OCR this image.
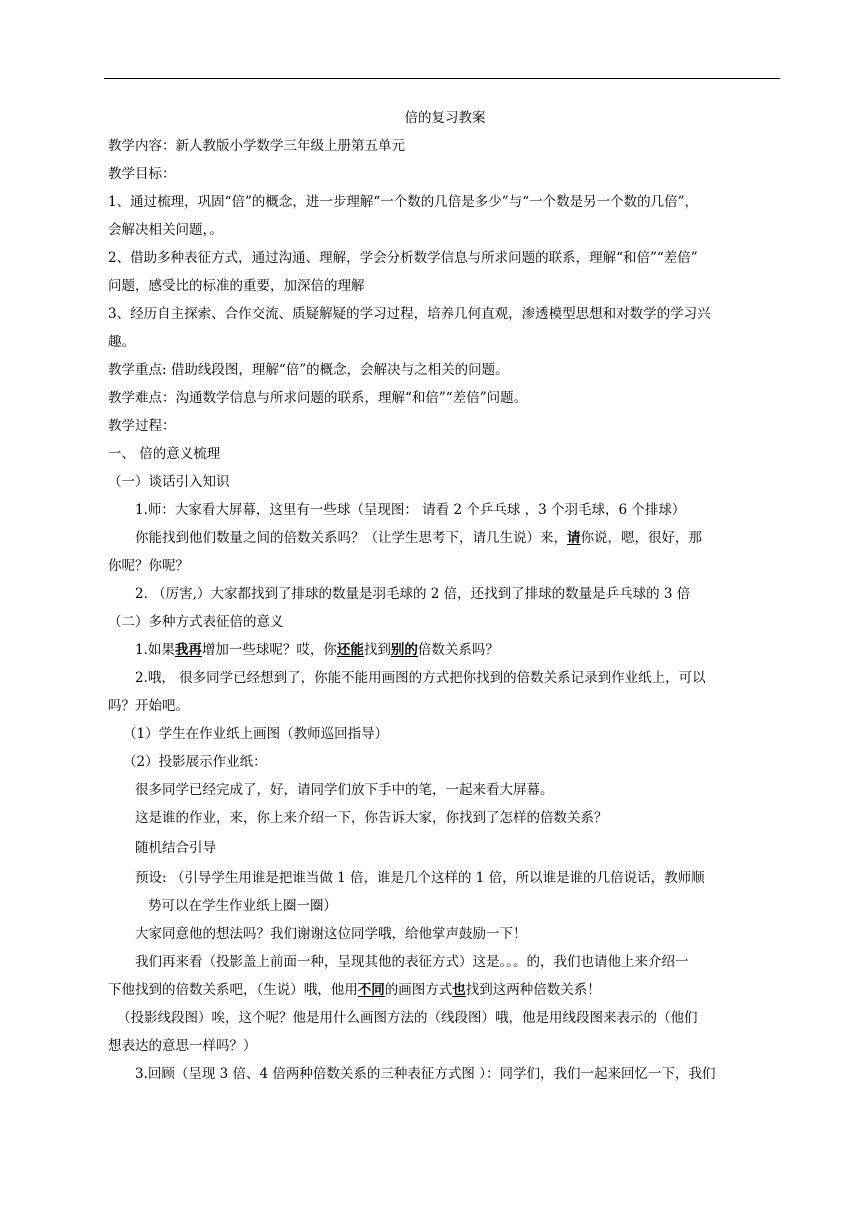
倍的复习教案
教学内容：新人教版小学数学三年级上册第五单元
教学目标：
1、通过梳理，巩固“倍”的概念，进一步理解“一个数的几倍是多少”与“一个数是另一个数的几倍”，
会解决相关问题，。
2、借助多种表征方式，通过沟通、理解，学会分析数学信息与所求问题的联系，理解“和倍”“差倍”
问题，感受比的标准的重要，加深倍的理解
3、经历自主探索、合作交流、质疑解疑的学习过程，培养几何直观，渗透模型思想和对数学的学习兴
趣。
教学重点: 借助线段图，理解“倍”的概念，会解决与之相关的问题。
教学难点：沟通数学信息与所求问题的联系，理解“和倍”“差倍”问题。
教学过程：
一、 倍的意义梳理
（一）谈话引入知识
1.师：大家看大屏幕，这里有一些球（呈现图： 请看 2 个乒乓球 ，3 个羽毛球，6 个排球）
你能找到他们数量之间的倍数关系吗？（让学生思考下，请几生说）来，请你说，嗯，很好，那
你呢？你呢？
2. （厉害,）大家都找到了排球的数量是羽毛球的 2 倍，还找到了排球的数量是乒乓球的 3 倍
（二）多种方式表征倍的意义
1.如果我再增加一些球呢？哎，你还能找到别的倍数关系吗？
2.哦， 很多同学已经想到了，你能不能用画图的方式把你找到的倍数关系记录到作业纸上，可以
吗？开始吧。
（1）学生在作业纸上画图（教师巡回指导）
（2）投影展示作业纸：
很多同学已经完成了，好，请同学们放下手中的笔，一起来看大屏幕。
这是谁的作业，来，你上来介绍一下，你告诉大家，你找到了怎样的倍数关系？
随机结合引导
预设: （引导学生用谁是把谁当做 1 倍，谁是几个这样的 1 倍，所以谁是谁的几倍说话，教师顺
势可以在学生作业纸上圈一圈）
大家同意他的想法吗？我们谢谢这位同学哦，给他掌声鼓励一下！
我们再来看（投影盖上前面一种，呈现其他的表征方式）这是。。。的，我们也请他上来介绍一
下他找到的倍数关系吧，（生说）哦，他用不同的画图方式也找到这两种倍数关系！
（投影线段图）唉，这个呢？他是用什么画图方法的（线段图）哦，他是用线段图来表示的（他们
想表达的意思一样吗？）
3.回顾（呈现 3 倍、4 倍两种倍数关系的三种表征方式图 ）：同学们，我们一起来回忆一下，我们
